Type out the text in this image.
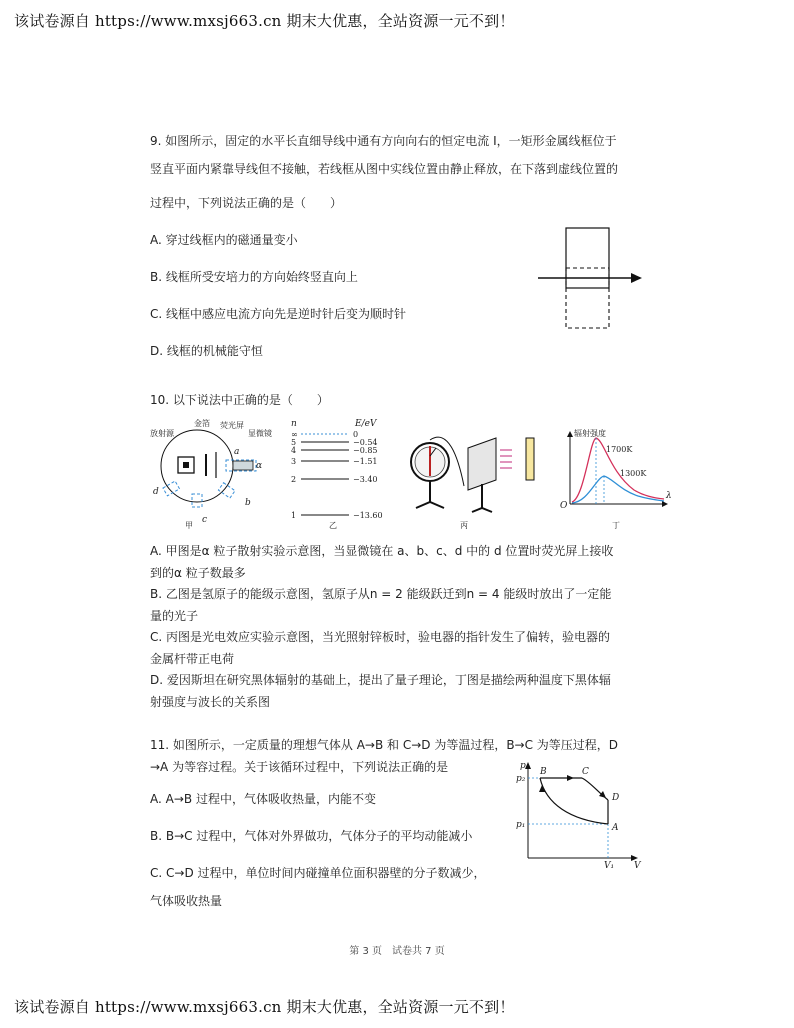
该试卷源自 https://www.mxsj663.cn 期末大优惠，全站资源一元不到！
9. 如图所示，固定的水平长直细导线中通有方向向右的恒定电流 I，一矩形金属线框位于
竖直平面内紧靠导线但不接触，若线框从图中实线位置由静止释放，在下落到虚线位置的
过程中，下列说法正确的是（　　）
A. 穿过线框内的磁通量变小
B. 线框所受安培力的方向始终竖直向上
C. 线框中感应电流方向先是逆时针后变为顺时针
D. 线框的机械能守恒
10. 以下说法中正确的是（　　）
放射源
金箔 荧光屏
显微镜
α
a
b
c
d
甲
n	E/eV
∞	0
5	−0.54
4	−0.85
3	−1.51
2	−3.40
1	−13.60
乙	丙
辐射强度
1700K
1300K
O
λ
丁
A. 甲图是α 粒子散射实验示意图，当显微镜在 a、b、c、d 中的 d 位置时荧光屏上接收
到的α 粒子数最多
B. 乙图是氢原子的能级示意图，氢原子从n = 2 能级跃迁到n = 4 能级时放出了一定能
量的光子
C. 丙图是光电效应实验示意图，当光照射锌板时，验电器的指针发生了偏转，验电器的
金属杆带正电荷
D. 爱因斯坦在研究黑体辐射的基础上，提出了量子理论，丁图是描绘两种温度下黑体辐
射强度与波长的关系图
11. 如图所示，一定质量的理想气体从 A→B 和 C→D 为等温过程，B→C 为等压过程，D
→A 为等容过程。关于该循环过程中，下列说法正确的是
A. A→B 过程中，气体吸收热量，内能不变
B. B→C 过程中，气体对外界做功，气体分子的平均动能减小
C. C→D 过程中，单位时间内碰撞单位面积器壁的分子数减少，
气体吸收热量
p
V
p₂
p₁
V₁
A
B	C
D
第 3 页　试卷共 7 页
该试卷源自 https://www.mxsj663.cn 期末大优惠，全站资源一元不到！
